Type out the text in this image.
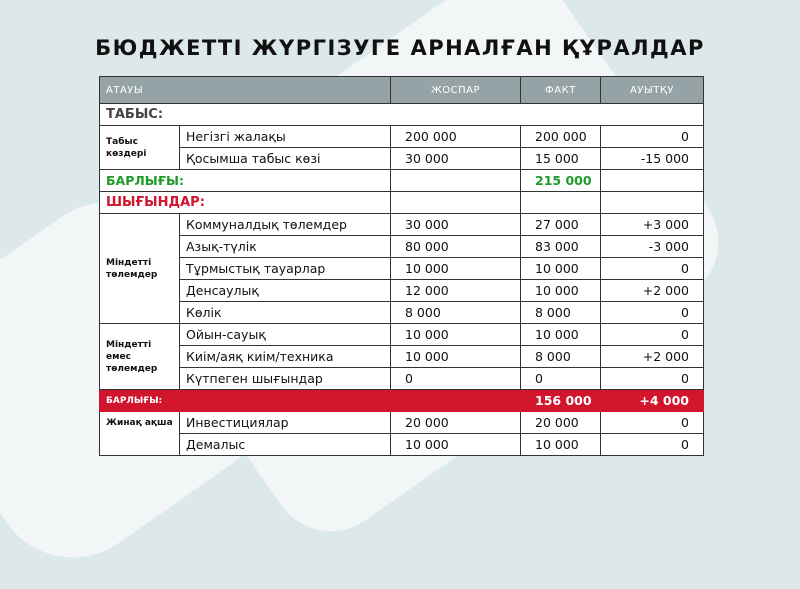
БЮДЖЕТТІ ЖҮРГІЗУГЕ АРНАЛҒАН ҚҰРАЛДАР
АТАУЫ		ЖОСПАР	ФАКТ	АУЫТҚУ
ТАБЫС:				
Табыс көздері	Негізгі жалақы	200 000	200 000	0
	Қосымша табыс көзі	30 000	15 000	-15 000
БАРЛЫҒЫ:			215 000	
ШЫҒЫНДАР:				
Міндетті төлемдер	Коммуналдық төлемдер	30 000	27 000	+3 000
	Азық-түлік	80 000	83 000	-3 000
	Тұрмыстық тауарлар	10 000	10 000	0
	Денсаулық	12 000	10 000	+2 000
	Көлік	8 000	8 000	0
Міндетті емес төлемдер	Ойын-сауық	10 000	10 000	0
	Киім/аяқ киім/техника	10 000	8 000	+2 000
	Күтпеген шығындар	0	0	0
БАРЛЫҒЫ:			156 000	+4 000
Жинақ ақша	Инвестициялар	20 000	20 000	0
	Демалыс	10 000	10 000	0
